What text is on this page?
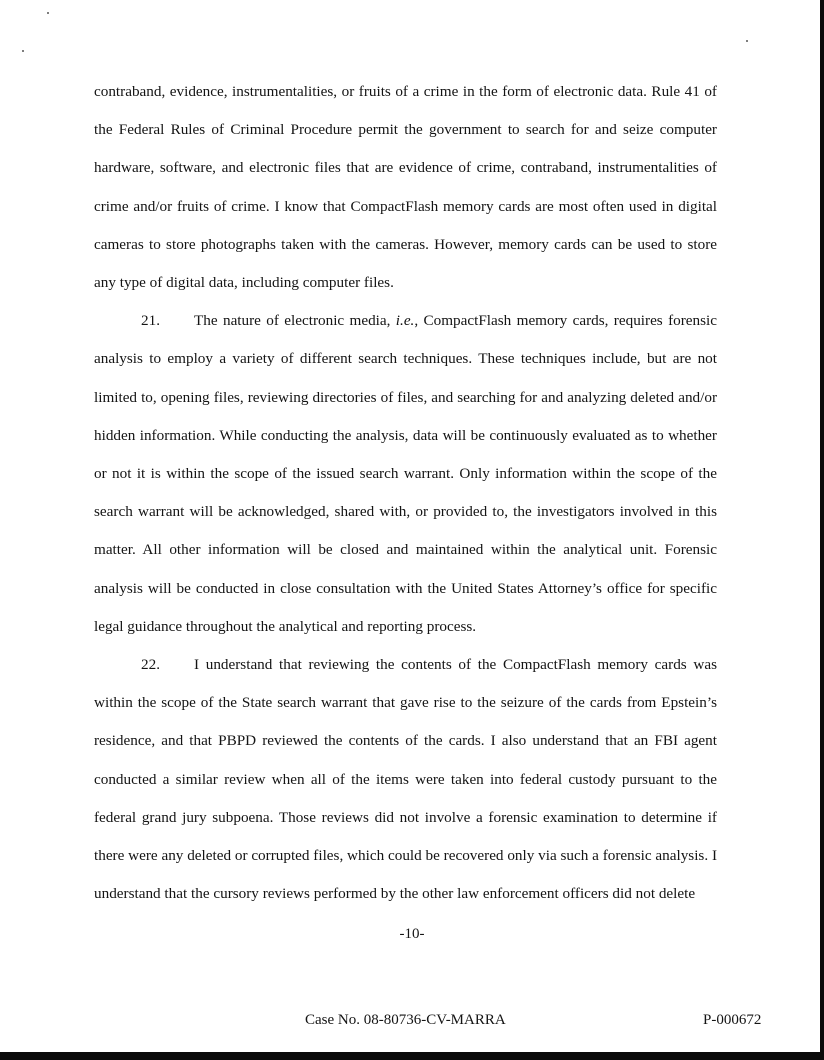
contraband, evidence, instrumentalities, or fruits of a crime in the form of electronic data. Rule 41 of the Federal Rules of Criminal Procedure permit the government to search for and seize computer hardware, software, and electronic files that are evidence of crime, contraband, instrumentalities of crime and/or fruits of crime. I know that CompactFlash memory cards are most often used in digital cameras to store photographs taken with the cameras. However, memory cards can be used to store any type of digital data, including computer files.

21. The nature of electronic media, i.e., CompactFlash memory cards, requires forensic analysis to employ a variety of different search techniques. These techniques include, but are not limited to, opening files, reviewing directories of files, and searching for and analyzing deleted and/or hidden information. While conducting the analysis, data will be continuously evaluated as to whether or not it is within the scope of the issued search warrant. Only information within the scope of the search warrant will be acknowledged, shared with, or provided to, the investigators involved in this matter. All other information will be closed and maintained within the analytical unit. Forensic analysis will be conducted in close consultation with the United States Attorney’s office for specific legal guidance throughout the analytical and reporting process.

22. I understand that reviewing the contents of the CompactFlash memory cards was within the scope of the State search warrant that gave rise to the seizure of the cards from Epstein’s residence, and that PBPD reviewed the contents of the cards. I also understand that an FBI agent conducted a similar review when all of the items were taken into federal custody pursuant to the federal grand jury subpoena. Those reviews did not involve a forensic examination to determine if there were any deleted or corrupted files, which could be recovered only via such a forensic analysis. I understand that the cursory reviews performed by the other law enforcement officers did not delete

-10-
Case No. 08-80736-CV-MARRA	P-000672
